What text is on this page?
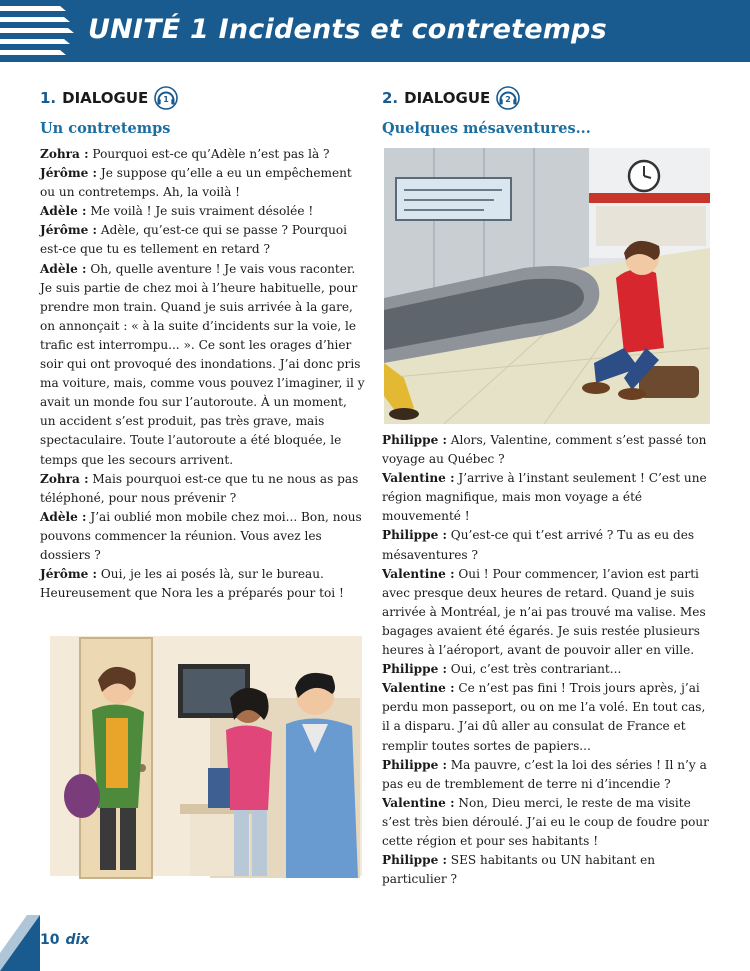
UNITÉ 1 Incidents et contretemps
1. DIALOGUE 1
Un contretemps

Zohra : Pourquoi est-ce qu’Adèle n’est pas là ?

Jérôme : Je suppose qu’elle a eu un empêchement ou un contretemps. Ah, la voilà !

Adèle : Me voilà ! Je suis vraiment désolée !

Jérôme : Adèle, qu’est-ce qui se passe ? Pourquoi est-ce que tu es tellement en retard ?

Adèle : Oh, quelle aventure ! Je vais vous raconter. Je suis partie de chez moi à l’heure habituelle, pour prendre mon train. Quand je suis arrivée à la gare, on annonçait : « à la suite d’incidents sur la voie, le trafic est interrompu... ». Ce sont les orages d’hier soir qui ont provoqué des inondations. J’ai donc pris ma voiture, mais, comme vous pouvez l’imaginer, il y avait un monde fou sur l’autoroute. À un moment, un accident s’est produit, pas très grave, mais spectaculaire. Toute l’autoroute a été bloquée, le temps que les secours arrivent.

Zohra : Mais pourquoi est-ce que tu ne nous as pas téléphoné, pour nous prévenir ?

Adèle : J’ai oublié mon mobile chez moi... Bon, nous pouvons commencer la réunion. Vous avez les dossiers ?

Jérôme : Oui, je les ai posés là, sur le bureau. Heureusement que Nora les a préparés pour toi !

2. DIALOGUE 2
Quelques mésaventures...

Philippe : Alors, Valentine, comment s’est passé ton voyage au Québec ?

Valentine : J’arrive à l’instant seulement ! C’est une région magnifique, mais mon voyage a été mouvementé !

Philippe : Qu’est-ce qui t’est arrivé ? Tu as eu des mésaventures ?

Valentine : Oui ! Pour commencer, l’avion est parti avec presque deux heures de retard. Quand je suis arrivée à Montréal, je n’ai pas trouvé ma valise. Mes bagages avaient été égarés. Je suis restée plusieurs heures à l’aéroport, avant de pouvoir aller en ville.

Philippe : Oui, c’est très contrariant...

Valentine : Ce n’est pas fini ! Trois jours après, j’ai perdu mon passeport, ou on me l’a volé. En tout cas, il a disparu. J’ai dû aller au consulat de France et remplir toutes sortes de papiers...

Philippe : Ma pauvre, c’est la loi des séries ! Il n’y a pas eu de tremblement de terre ni d’incendie ?

Valentine : Non, Dieu merci, le reste de ma visite s’est très bien déroulé. J’ai eu le coup de foudre pour cette région et pour ses habitants !

Philippe : SES habitants ou UN habitant en particulier ?

10 dix
